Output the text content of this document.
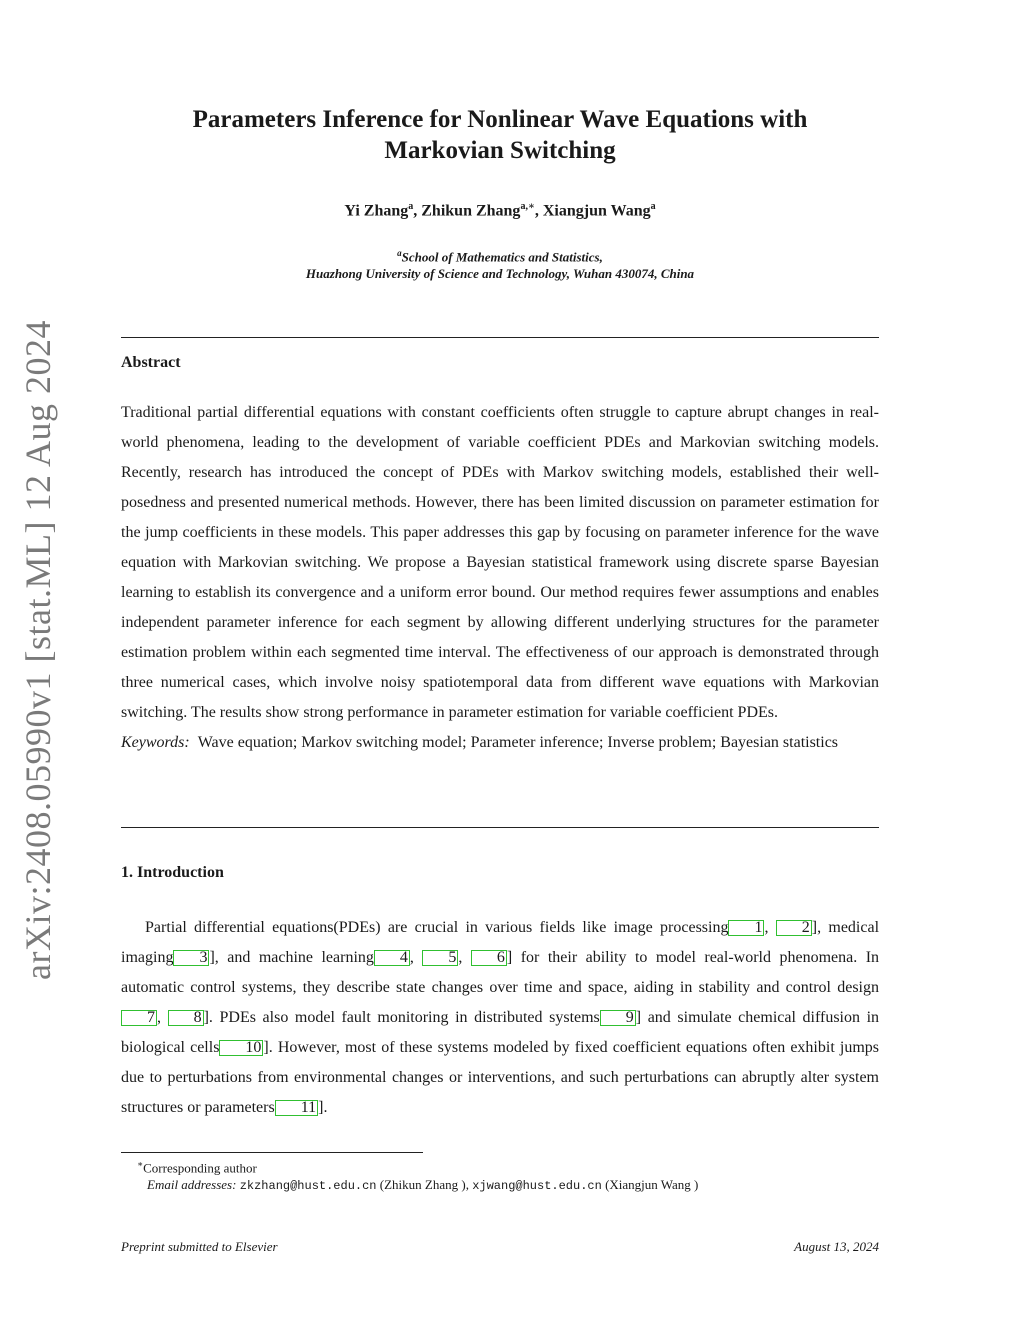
arXiv:2408.05990v1 [stat.ML] 12 Aug 2024
Parameters Inference for Nonlinear Wave Equations with
Markovian Switching
Yi Zhang$^a$, Zhikun Zhang$^{a,∗}$, Xiangjun Wang$^a$
$^a$School of Mathematics and Statistics,
Huazhong University of Science and Technology, Wuhan 430074, China
Abstract

Traditional partial differential equations with constant coefficients often struggle to capture abrupt changes in real-world phenomena, leading to the development of variable coefficient PDEs and Markovian switching models. Recently, research has introduced the concept of PDEs with Markov switching models, established their well-posedness and presented numerical methods. However, there has been limited discussion on parameter estimation for the jump coefficients in these models. This paper addresses this gap by focusing on parameter inference for the wave equation with Markovian switching. We propose a Bayesian statistical framework using discrete sparse Bayesian learning to establish its convergence and a uniform error bound. Our method requires fewer assumptions and enables independent parameter inference for each segment by allowing different underlying structures for the parameter estimation problem within each segmented time interval. The effectiveness of our approach is demonstrated through three numerical cases, which involve noisy spatiotemporal data from different wave equations with Markovian switching. The results show strong performance in parameter estimation for variable coefficient PDEs.

Keywords: Wave equation; Markov switching model; Parameter inference; Inverse problem; Bayesian statistics

1. Introduction

Partial differential equations(PDEs) are crucial in various fields like image processing 1 , 2 ], medical imaging 3 ], and machine learning 4 , 5 , 6 ] for their ability to model real-world phenomena. In automatic control systems, they describe state changes over time and space, aiding in stability and control design7 , 8 ]. PDEs also model fault monitoring in distributed systems 9 ] and simulate chemical diffusion in biological cells 10 ]. However, most of these systems modeled by fixed coefficient equations often exhibit jumps due to perturbations from environmental changes or interventions, and such perturbations can abruptly alter system structures or parameters 11 ].

∗Corresponding author
Email addresses: zkzhang@hust.edu.cn (Zhikun Zhang ), xjwang@hust.edu.cn (Xiangjun Wang )
Preprint submitted to Elsevier	August 13, 2024
